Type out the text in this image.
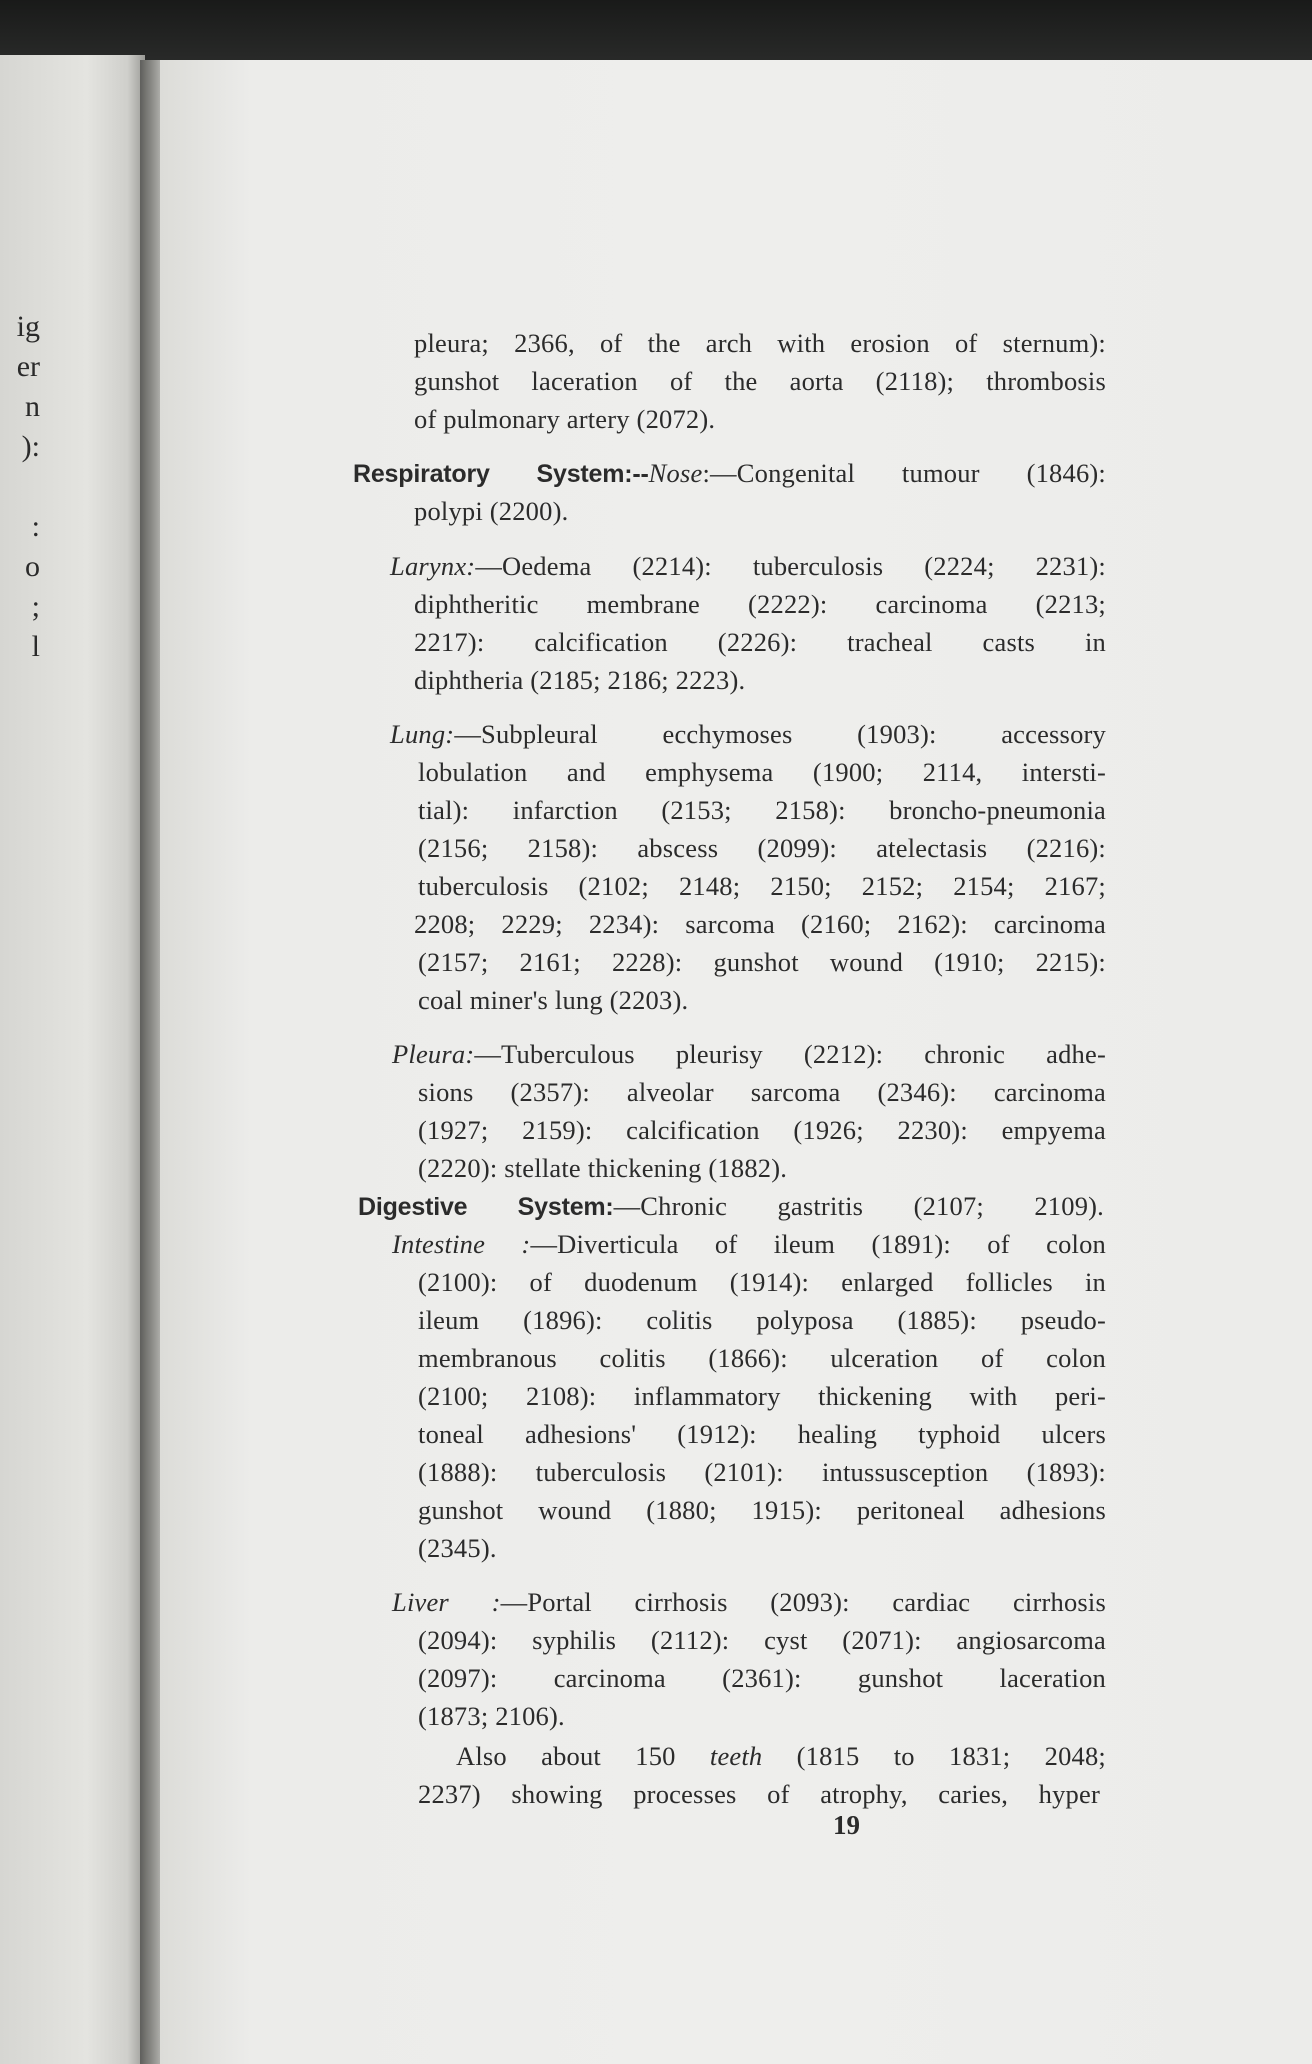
ig
er
n
):
:
o
;
l
pleura; 2366, of the arch with erosion of sternum):
gunshot laceration of the aorta (2118); thrombosis
of pulmonary artery (2072).
Respiratory System:--Nose:—Congenital tumour (1846):
polypi (2200).
Larynx:—Oedema (2214): tuberculosis (2224; 2231):
diphtheritic membrane (2222): carcinoma (2213;
2217): calcification (2226): tracheal casts in
diphtheria (2185; 2186; 2223).
Lung:—Subpleural ecchymoses (1903): accessory
lobulation and emphysema (1900; 2114, intersti-
tial): infarction (2153; 2158): broncho-pneumonia
(2156; 2158): abscess (2099): atelectasis (2216):
tuberculosis (2102; 2148; 2150; 2152; 2154; 2167;
2208; 2229; 2234): sarcoma (2160; 2162): carcinoma
(2157; 2161; 2228): gunshot wound (1910; 2215):
coal miner's lung (2203).
Pleura:—Tuberculous pleurisy (2212): chronic adhe-
sions (2357): alveolar sarcoma (2346): carcinoma
(1927; 2159): calcification (1926; 2230): empyema
(2220): stellate thickening (1882).
Digestive System:—Chronic gastritis (2107; 2109).
Intestine :—Diverticula of ileum (1891): of colon
(2100): of duodenum (1914): enlarged follicles in
ileum (1896): colitis polyposa (1885): pseudo-
membranous colitis (1866): ulceration of colon
(2100; 2108): inflammatory thickening with peri-
toneal adhesions' (1912): healing typhoid ulcers
(1888): tuberculosis (2101): intussusception (1893):
gunshot wound (1880; 1915): peritoneal adhesions
(2345).
Liver :—Portal cirrhosis (2093): cardiac cirrhosis
(2094): syphilis (2112): cyst (2071): angiosarcoma
(2097): carcinoma (2361): gunshot laceration
(1873; 2106).
Also about 150 teeth (1815 to 1831; 2048;
2237) showing processes of atrophy, caries, hyper
19
